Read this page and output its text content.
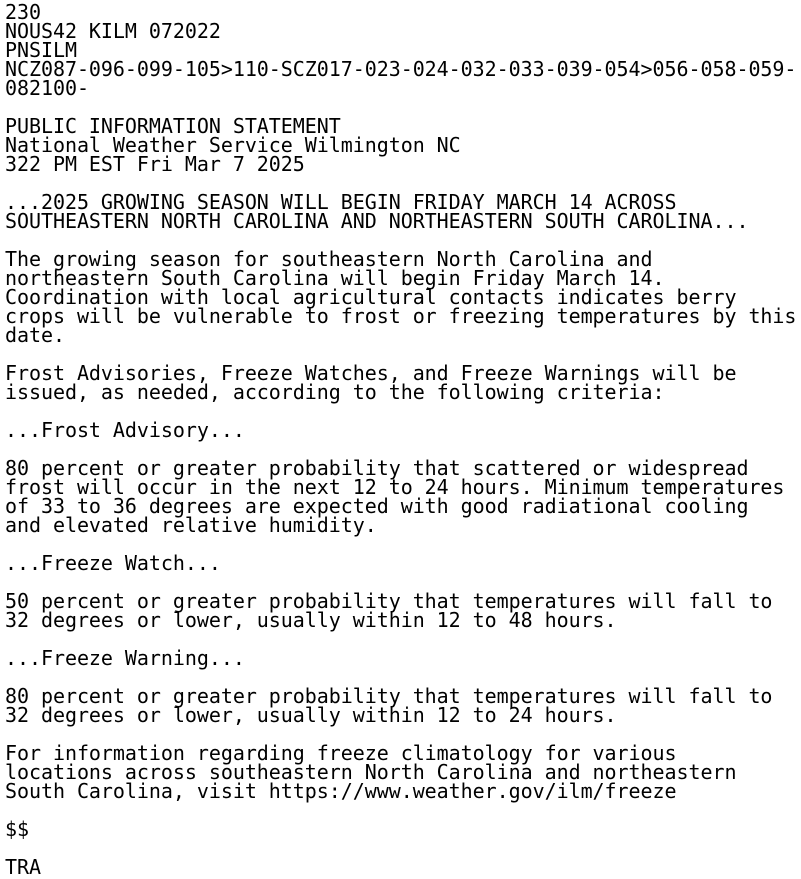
230
NOUS42 KILM 072022
PNSILM
NCZ087-096-099-105>110-SCZ017-023-024-032-033-039-054>056-058-059-
082100-
PUBLIC INFORMATION STATEMENT
National Weather Service Wilmington NC
322 PM EST Fri Mar 7 2025
...2025 GROWING SEASON WILL BEGIN FRIDAY MARCH 14 ACROSS
SOUTHEASTERN NORTH CAROLINA AND NORTHEASTERN SOUTH CAROLINA...
The growing season for southeastern North Carolina and
northeastern South Carolina will begin Friday March 14.
Coordination with local agricultural contacts indicates berry
crops will be vulnerable to frost or freezing temperatures by this
date.
Frost Advisories, Freeze Watches, and Freeze Warnings will be
issued, as needed, according to the following criteria:
...Frost Advisory...
80 percent or greater probability that scattered or widespread
frost will occur in the next 12 to 24 hours. Minimum temperatures
of 33 to 36 degrees are expected with good radiational cooling
and elevated relative humidity.
...Freeze Watch...
50 percent or greater probability that temperatures will fall to
32 degrees or lower, usually within 12 to 48 hours.
...Freeze Warning...
80 percent or greater probability that temperatures will fall to
32 degrees or lower, usually within 12 to 24 hours.
For information regarding freeze climatology for various
locations across southeastern North Carolina and northeastern
South Carolina, visit https://www.weather.gov/ilm/freeze
$$
TRA
